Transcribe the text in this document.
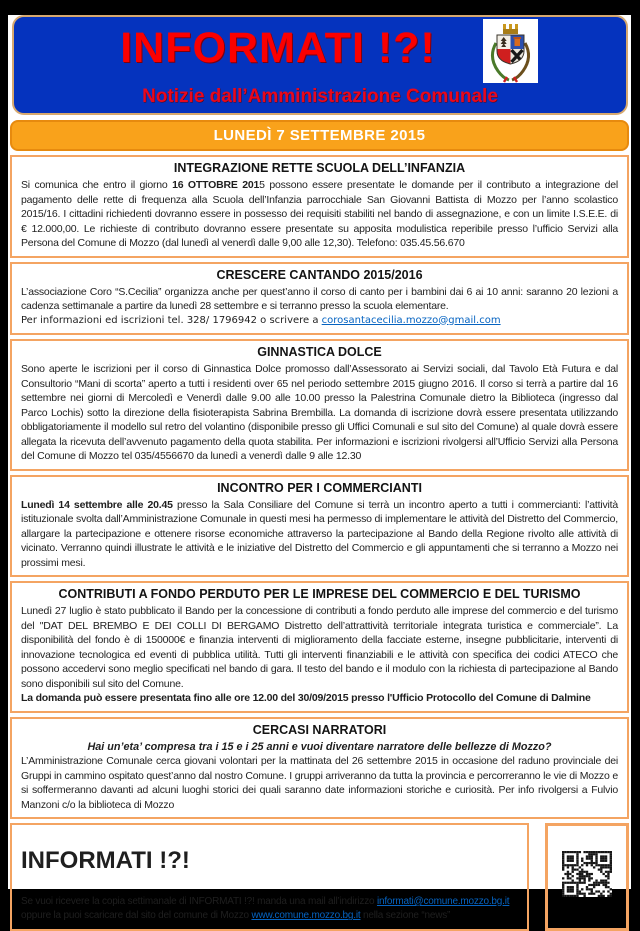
INFORMATI !?!
Notizie dall’Amministrazione Comunale
LUNEDÌ 7 SETTEMBRE 2015
INTEGRAZIONE RETTE SCUOLA DELL’INFANZIA

Si comunica che entro il giorno 16 OTTOBRE 2015 possono essere presentate le domande per il contributo a integrazione del pagamento delle rette di frequenza alla Scuola dell’Infanzia parrocchiale San Giovanni Battista di Mozzo per l’anno scolastico 2015/16. I cittadini richiedenti dovranno essere in possesso dei requisiti stabiliti nel bando di assegnazione, e con un limite I.S.E.E. di € 12.000,00. Le richieste di contributo dovranno essere presentate su apposita modulistica reperibile presso l’ufficio Servizi alla Persona del Comune di Mozzo (dal lunedì al venerdì dalle 9,00 alle 12,30). Telefono: 035.45.56.670

CRESCERE CANTANDO 2015/2016

L’associazione Coro “S.Cecilia” organizza anche per quest’anno il corso di canto per i bambini dai 6 ai 10 anni: saranno 20 lezioni a cadenza settimanale a partire da lunedì 28 settembre e si terranno presso la scuola elementare.

Per informazioni ed iscrizioni tel. 328/ 1796942 o scrivere a corosantacecilia.mozzo@gmail.com

GINNASTICA DOLCE

Sono aperte le iscrizioni per il corso di Ginnastica Dolce promosso dall’Assessorato ai Servizi sociali, dal Tavolo Età Futura e dal Consultorio “Mani di scorta” aperto a tutti i residenti over 65 nel periodo settembre 2015 giugno 2016. Il corso si terrà a partire dal 16 settembre nei giorni di Mercoledì e Venerdì dalle 9.00 alle 10.00 presso la Palestrina Comunale dietro la Biblioteca (ingresso dal Parco Lochis) sotto la direzione della fisioterapista Sabrina Brembilla. La domanda di iscrizione dovrà essere presentata utilizzando obbligatoriamente il modello sul retro del volantino (disponibile presso gli Uffici Comunali e sul sito del Comune) al quale dovrà essere allegata la ricevuta dell’avvenuto pagamento della quota stabilita. Per informazioni e iscrizioni rivolgersi all’Ufficio Servizi alla Persona del Comune di Mozzo tel 035/4556670 da lunedì a venerdì dalle 9 alle 12.30

INCONTRO PER I COMMERCIANTI

Lunedì 14 settembre alle 20.45 presso la Sala Consiliare del Comune si terrà un incontro aperto a tutti i commercianti: l’attività istituzionale svolta dall’Amministrazione Comunale in questi mesi ha permesso di implementare le attività del Distretto del Commercio, allargare la partecipazione e ottenere risorse economiche attraverso la partecipazione al Bando della Regione rivolto alle attività di vicinato. Verranno quindi illustrate le attività e le iniziative del Distretto del Commercio e gli appuntamenti che si terranno a Mozzo nei prossimi mesi.

CONTRIBUTI A FONDO PERDUTO PER LE IMPRESE DEL COMMERCIO E DEL TURISMO

Lunedì 27 luglio è stato pubblicato il Bando per la concessione di contributi a fondo perduto alle imprese del commercio e del turismo del "DAT DEL BREMBO E DEI COLLI DI BERGAMO Distretto dell’attrattività territoriale integrata turistica e commerciale”. La disponibilità del fondo è di 150000€ e finanzia interventi di miglioramento della facciate esterne, insegne pubblicitarie, interventi di innovazione tecnologica ed eventi di pubblica utilità. Tutti gli interventi finanziabili e le attività con specifica dei codici ATECO che possono accedervi sono meglio specificati nel bando di gara. Il testo del bando e il modulo con la richiesta di partecipazione al Bando sono disponibili sul sito del Comune.

La domanda può essere presentata fino alle ore 12.00 del 30/09/2015 presso l'Ufficio Protocollo del Comune di Dalmine

CERCASI NARRATORI

Hai un’eta’ compresa tra i 15 e i 25 anni e vuoi diventare narratore delle bellezze di Mozzo?

L’Amministrazione Comunale cerca giovani volontari per la mattinata del 26 settembre 2015 in occasione del raduno provinciale dei Gruppi in cammino ospitato quest’anno dal nostro Comune. I gruppi arriveranno da tutta la provincia e percorreranno le vie di Mozzo e si soffermeranno davanti ad alcuni luoghi storici dei quali saranno date informazioni storiche e curiosità. Per info rivolgersi a Fulvio Manzoni c/o la biblioteca di Mozzo

INFORMATI !?!

Se vuoi ricevere la copia settimanale di INFORMATI !?! manda una mail all’indirizzo informati@comune.mozzo.bg.it

oppure la puoi scaricare dal sito del comune di Mozzo www.comune.mozzo.bg.it nella sezione “news”
